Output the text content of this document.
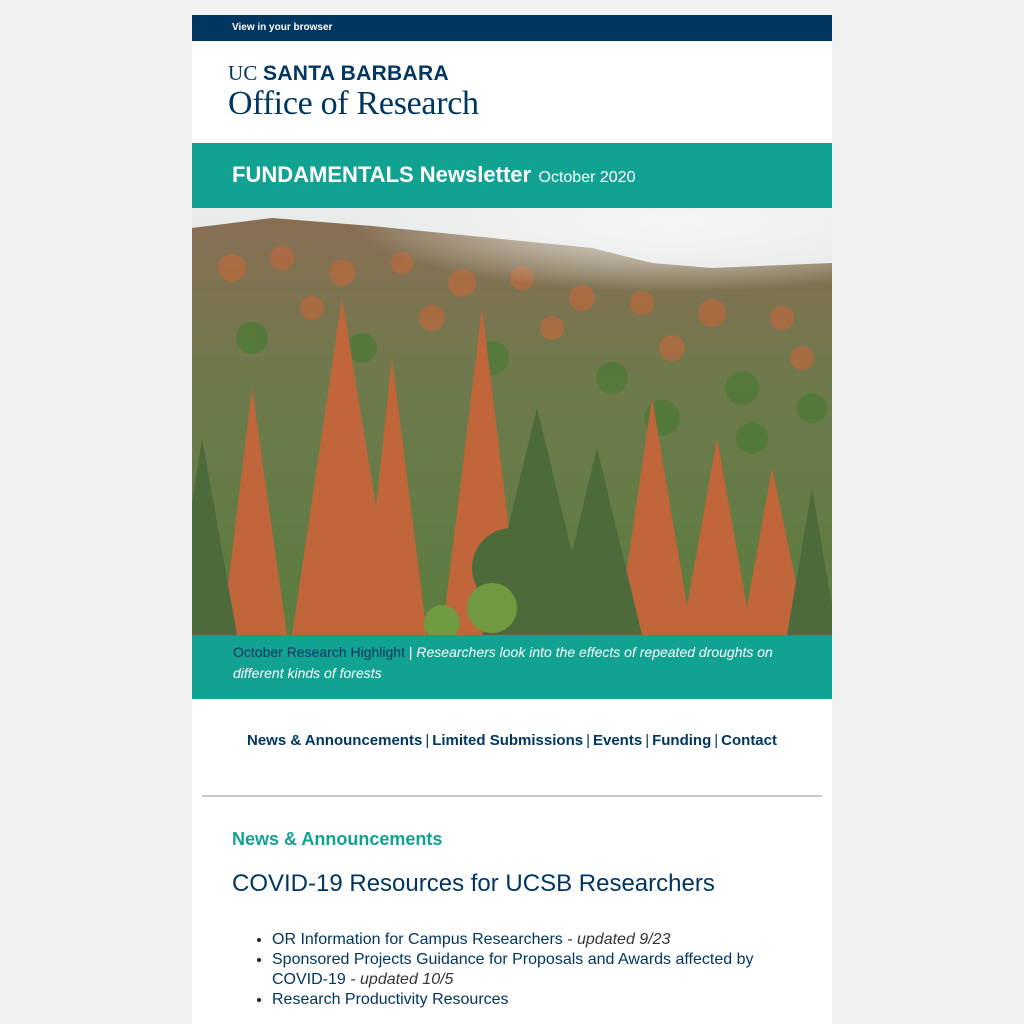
View in your browser
UC SANTA BARBARA
Office of Research
FUNDAMENTALS Newsletter October 2020
October Research Highlight | Researchers look into the effects of repeated droughts on different kinds of forests
News & Announcements | Limited Submissions | Events | Funding | Contact
News & Announcements
COVID-19 Resources for UCSB Researchers
• OR Information for Campus Researchers - updated 9/23
• Sponsored Projects Guidance for Proposals and Awards affected by COVID-19 - updated 10/5
• Research Productivity Resources
